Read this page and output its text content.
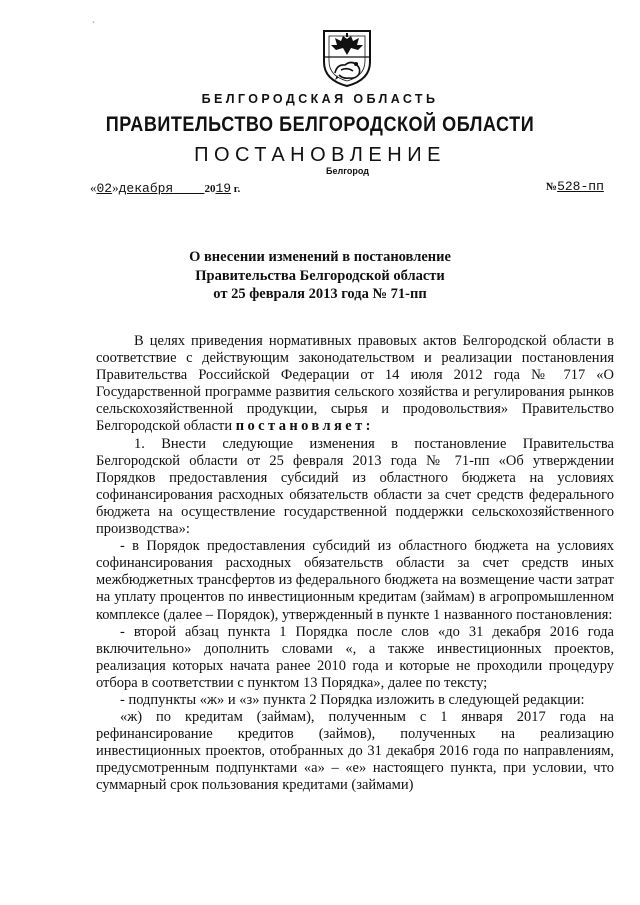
`
БЕЛГОРОДСКАЯ ОБЛАСТЬ
ПРАВИТЕЛЬСТВО БЕЛГОРОДСКОЙ ОБЛАСТИ
ПОСТАНОВЛЕНИЕ
Белгород
«02»декабря	2019 г.	№528-пп
О внесении изменений в постановление
Правительства Белгородской области
от 25 февраля 2013 года № 71-пп

В целях приведения нормативных правовых актов Белгородской области в соответствие с действующим законодательством и реализации постановления Правительства Российской Федерации от 14 июля 2012 года № 717 «О Государственной программе развития сельского хозяйства и регулирования рынков сельскохозяйственной продукции, сырья и продовольствия» Правительство Белгородской области постановляет:

1. Внести следующие изменения в постановление Правительства Белгородской области от 25 февраля 2013 года № 71-пп «Об утверждении Порядков предоставления субсидий из областного бюджета на условиях софинансирования расходных обязательств области за счет средств федерального бюджета на осуществление государственной поддержки сельскохозяйственного производства»:

- в Порядок предоставления субсидий из областного бюджета на условиях софинансирования расходных обязательств области за счет средств иных межбюджетных трансфертов из федерального бюджета на возмещение части затрат на уплату процентов по инвестиционным кредитам (займам) в агропромышленном комплексе (далее – Порядок), утвержденный в пункте 1 названного постановления:

- второй абзац пункта 1 Порядка после слов «до 31 декабря 2016 года включительно» дополнить словами «, а также инвестиционных проектов, реализация которых начата ранее 2010 года и которые не проходили процедуру отбора в соответствии с пунктом 13 Порядка», далее по тексту;

- подпункты «ж» и «з» пункта 2 Порядка изложить в следующей редакции:

«ж) по кредитам (займам), полученным с 1 января 2017 года на рефинансирование кредитов (займов), полученных на реализацию инвестиционных проектов, отобранных до 31 декабря 2016 года по направлениям, предусмотренным подпунктами «а» – «е» настоящего пункта, при условии, что суммарный срок пользования кредитами (займами)
